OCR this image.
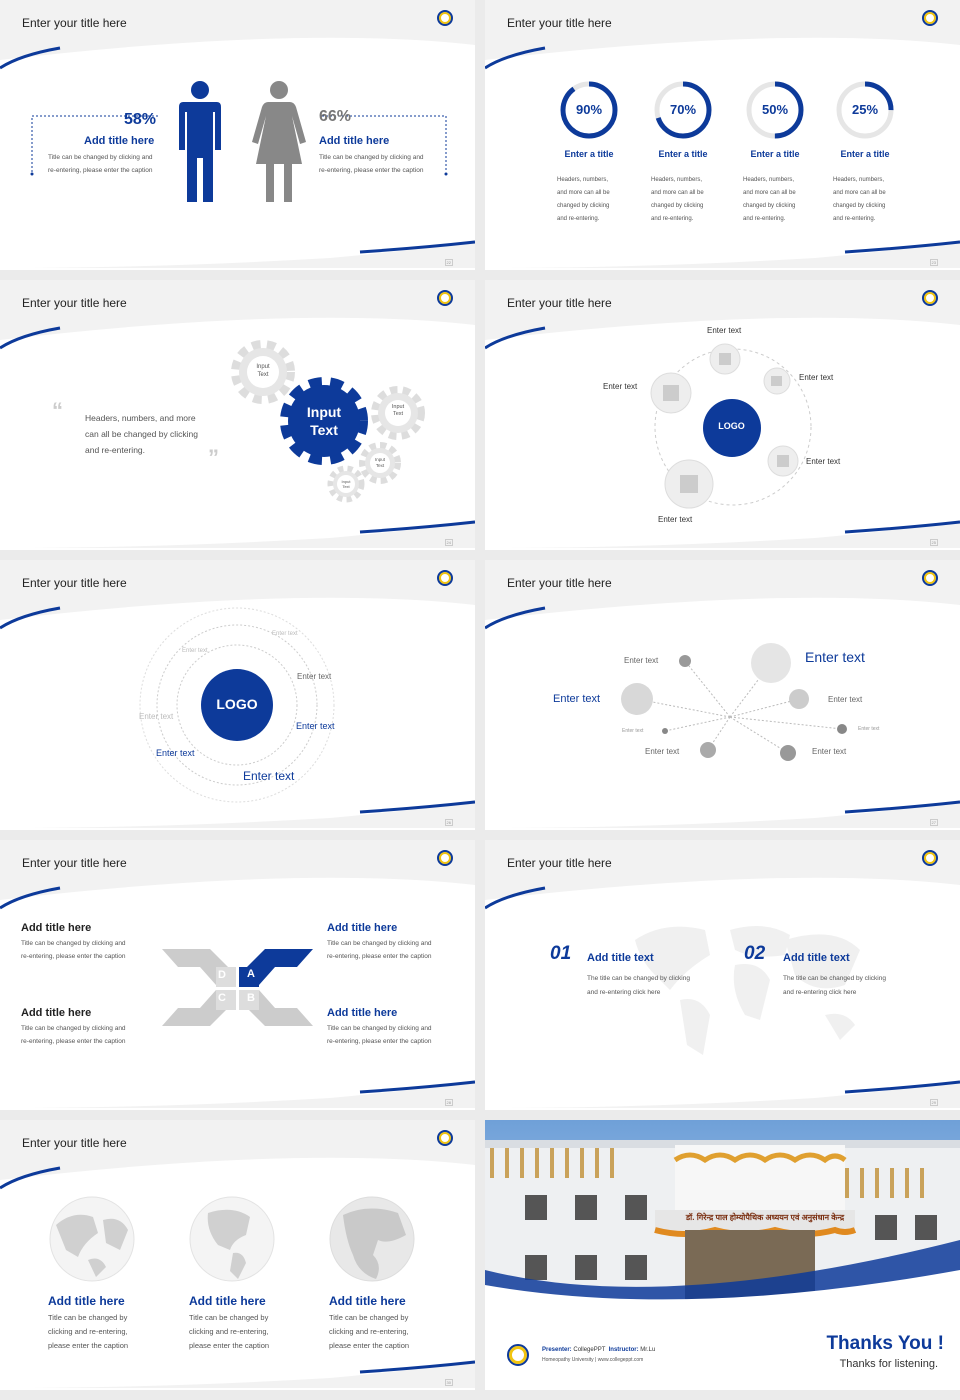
Enter your title here
22
58%
Add title here
Title can be changed by clicking and
re-entering, please enter the caption
66%
Add title here
Title can be changed by clicking and
re-entering, please enter the caption
Enter your title here
23
90%
Enter a title
Headers, numbers,
and more can all be
changed by clicking
and re-entering.
70%
Enter a title
Headers, numbers,
and more can all be
changed by clicking
and re-entering.
50%
Enter a title
Headers, numbers,
and more can all be
changed by clicking
and re-entering.
25%
Enter a title
Headers, numbers,
and more can all be
changed by clicking
and re-entering.
Enter your title here
24
“
”
Headers, numbers, and more
can all be changed by clicking
and re-entering.
Input
Text
Input
Text
Input
Text
Input
Text
Input
Text
Enter your title here
25
LOGO
Enter text
Enter text
Enter text
Enter text
Enter text
Enter your title here
26
LOGO
Enter text
Enter text
Enter text
Enter text
Enter text
Enter text
Enter text
Enter your title here
27
Enter text
Enter text
Enter text
Enter text
Enter text
Enter text
Enter text	Enter text
Enter your title here
28
Add title here
Title can be changed by clicking and
re-entering, please enter the caption
Add title here
Title can be changed by clicking and
re-entering, please enter the caption
Add title here
Title can be changed by clicking and
re-entering, please enter the caption
Add title here
Title can be changed by clicking and
re-entering, please enter the caption
D A
C B
Enter your title here
29
01 Add title text
The title can be changed by clicking
and re-entering click here
02 Add title text
The title can be changed by clicking
and re-entering click here
Enter your title here
30
Add title here
Title can be changed by
clicking and re-entering,
please enter the caption
Add title here
Title can be changed by
clicking and re-entering,
please enter the caption
Add title here
Title can be changed by
clicking and re-entering,
please enter the caption
डॉ. गिरेन्द्र पाल होम्योपैथिक अध्ययन एवं अनुसंधान केन्द्र
Presenter: CollegePPT Instructor: Mr.Lu
Homeopathy University | www.collegeppt.com
Thanks You !
Thanks for listening.
